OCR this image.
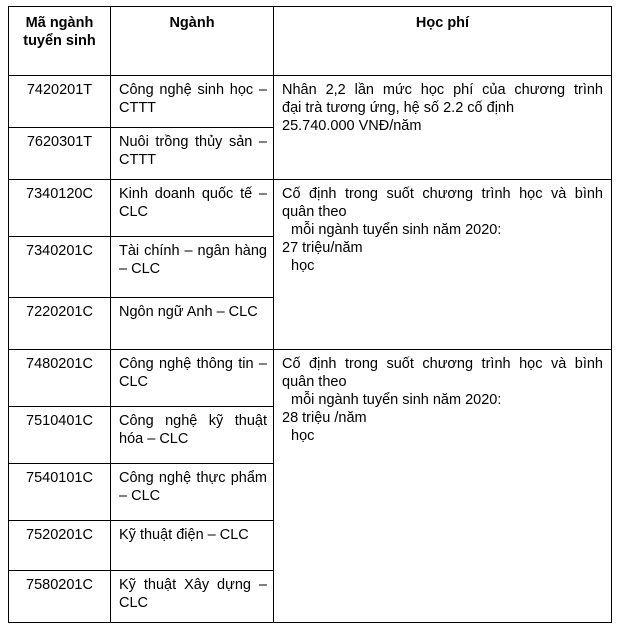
Mã ngành tuyển sinh	Ngành	Học phí
7420201T	Công nghệ sinh học – CTTT	Nhân 2,2 lần mức học phí của chương trình
đại trà tương ứng, hệ số 2.2 cố định
25.740.000 VNĐ/năm

7620301T	Nuôi trồng thủy sản – CTTT	
7340120C	Kinh doanh quốc tế – CLC	Cố định trong suốt chương trình học và bình
quân theo
mỗi ngành tuyển sinh năm 2020:
27 triệu/năm
học

7340201C	Tài chính – ngân hàng – CLC	
7220201C	Ngôn ngữ Anh – CLC	
7480201C	Công nghệ thông tin – CLC	Cố định trong suốt chương trình học và bình
quân theo
mỗi ngành tuyển sinh năm 2020:
28 triệu /năm
học

7510401C	Công nghệ kỹ thuật hóa – CLC	
7540101C	Công nghệ thực phẩm – CLC	
7520201C	Kỹ thuật điện – CLC	
7580201C	Kỹ thuật Xây dựng – CLC	
